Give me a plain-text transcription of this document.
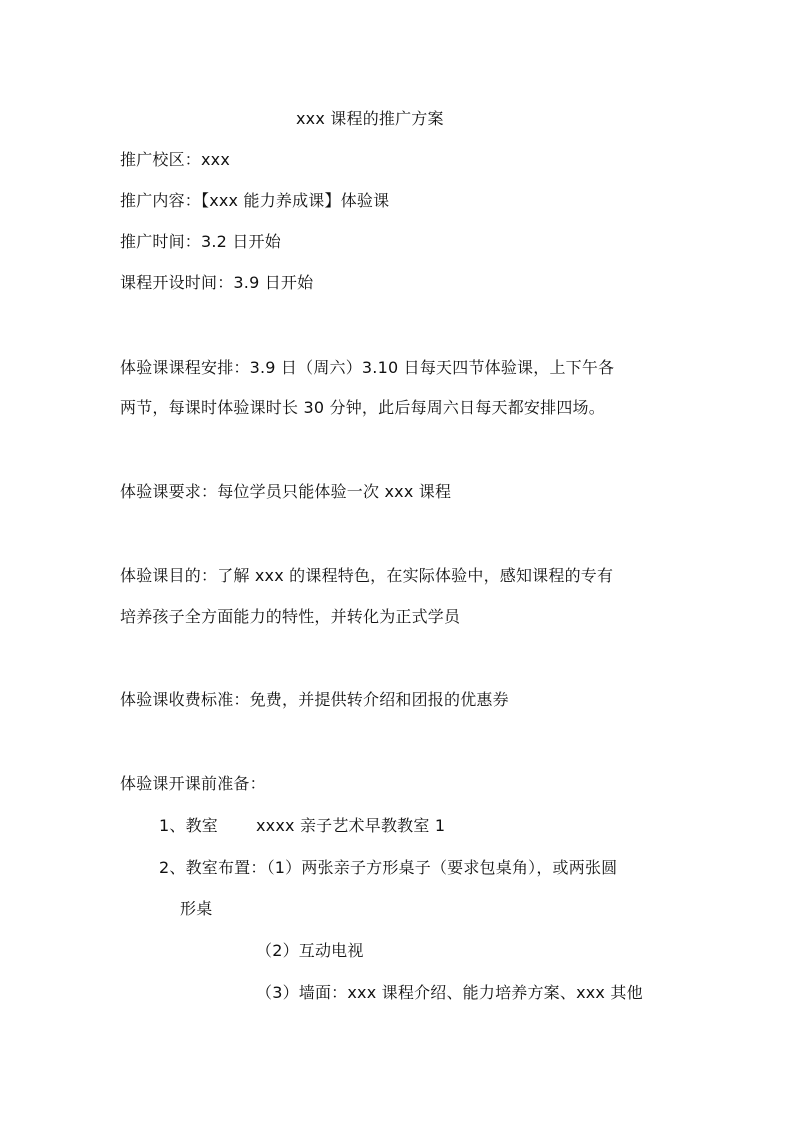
xxx 课程的推广方案
推广校区：xxx
推广内容：【xxx 能力养成课】体验课
推广时间：3.2 日开始
课程开设时间：3.9 日开始
体验课课程安排：3.9 日（周六）3.10 日每天四节体验课，上下午各
两节，每课时体验课时长 30 分钟，此后每周六日每天都安排四场。
体验课要求：每位学员只能体验一次 xxx 课程
体验课目的：了解 xxx 的课程特色，在实际体验中，感知课程的专有
培养孩子全方面能力的特性，并转化为正式学员
体验课收费标准：免费，并提供转介绍和团报的优惠券
体验课开课前准备：
1、教室 xxxx 亲子艺术早教教室 1
2、教室布置：（1）两张亲子方形桌子（要求包桌角），或两张圆
形桌
（2）互动电视
（3）墙面：xxx 课程介绍、能力培养方案、xxx 其他
